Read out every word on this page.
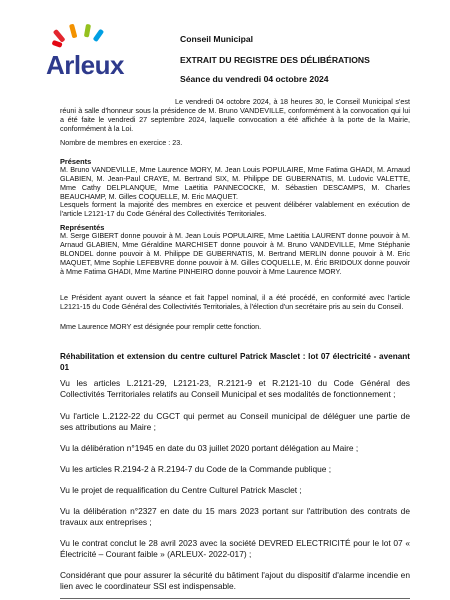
Arleux
Conseil Municipal
EXTRAIT DU REGISTRE DES DÉLIBÉRATIONS
Séance du vendredi 04 octobre 2024
Le vendredi 04 octobre 2024, à 18 heures 30, le Conseil Municipal s'est réuni à salle d'honneur sous la présidence de M. Bruno VANDEVILLE, conformément à la convocation qui lui a été faite le vendredi 27 septembre 2024, laquelle convocation a été affichée à la porte de la Mairie, conformément à la Loi.
Nombre de membres en exercice : 23.
Présents
M. Bruno VANDEVILLE, Mme Laurence MORY, M. Jean Louis POPULAIRE, Mme Fatima GHADI, M. Arnaud GLABIEN, M. Jean-Paul CRAYE, M. Bertrand SIX, M. Philippe DE GUBERNATIS, M. Ludovic VALETTE, Mme Cathy DELPLANQUE, Mme Laëtitia PANNECOCKE, M. Sébastien DESCAMPS, M. Charles BEAUCHAMP, M. Gilles COQUELLE, M. Eric MAQUET.
Lesquels forment la majorité des membres en exercice et peuvent délibérer valablement en exécution de l'article L2121-17 du Code Général des Collectivités Territoriales.
Représentés
M. Serge GIBERT donne pouvoir à M. Jean Louis POPULAIRE, Mme Laëtitia LAURENT donne pouvoir à M. Arnaud GLABIEN, Mme Géraldine MARCHISET donne pouvoir à M. Bruno VANDEVILLE, Mme Stéphanie BLONDEL donne pouvoir à M. Philippe DE GUBERNATIS, M. Bertrand MERLIN donne pouvoir à M. Eric MAQUET, Mme Sophie LEFEBVRE donne pouvoir à M. Gilles COQUELLE, M. Éric BRIDOUX donne pouvoir à Mme Fatima GHADI, Mme Martine PINHEIRO donne pouvoir à Mme Laurence MORY.
Le Président ayant ouvert la séance et fait l'appel nominal, il a été procédé, en conformité avec l'article L2121-15 du Code Général des Collectivités Territoriales, à l'élection d'un secrétaire pris au sein du Conseil.
Mme Laurence MORY est désignée pour remplir cette fonction.
Réhabilitation et extension du centre culturel Patrick Masclet : lot 07 électricité - avenant 01
Vu les articles L.2121-29, L2121-23, R.2121-9 et R.2121-10 du Code Général des Collectivités Territoriales relatifs au Conseil Municipal et ses modalités de fonctionnement ;
Vu l'article L.2122-22 du CGCT qui permet au Conseil municipal de déléguer une partie de ses attributions au Maire ;
Vu la délibération n°1945 en date du 03 juillet 2020 portant délégation au Maire ;
Vu les articles R.2194-2 à R.2194-7 du Code de la Commande publique ;
Vu le projet de requalification du Centre Culturel Patrick Masclet ;
Vu la délibération n°2327 en date du 15 mars 2023 portant sur l'attribution des contrats de travaux aux entreprises ;
Vu le contrat conclut le 28 avril 2023 avec la société DEVRED ELECTRICITÉ pour le lot 07 « Électricité – Courant faible » (ARLEUX- 2022-017) ;
Considérant que pour assurer la sécurité du bâtiment l'ajout du dispositif d'alarme incendie en lien avec le coordinateur SSI est indispensable.
